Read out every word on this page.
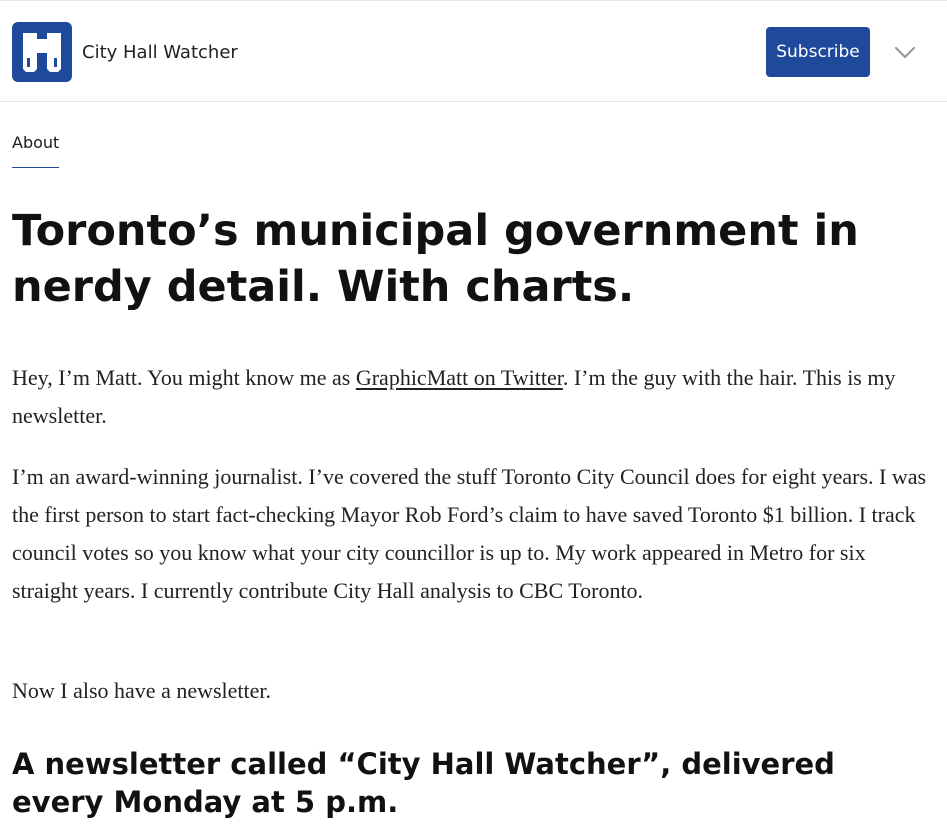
City Hall Watcher	Subscribe
About
Toronto’s municipal government in nerdy detail. With charts.

Hey, I’m Matt. You might know me as GraphicMatt on Twitter. I’m the guy with the hair. This is my newsletter.

I’m an award-winning journalist. I’ve covered the stuff Toronto City Council does for eight years. I was the first person to start fact-checking Mayor Rob Ford’s claim to have saved Toronto $1 billion. I track council votes so you know what your city councillor is up to. My work appeared in Metro for six straight years. I currently contribute City Hall analysis to CBC Toronto.

Now I also have a newsletter.

A newsletter called “City Hall Watcher”, delivered every Monday at 5 p.m.
